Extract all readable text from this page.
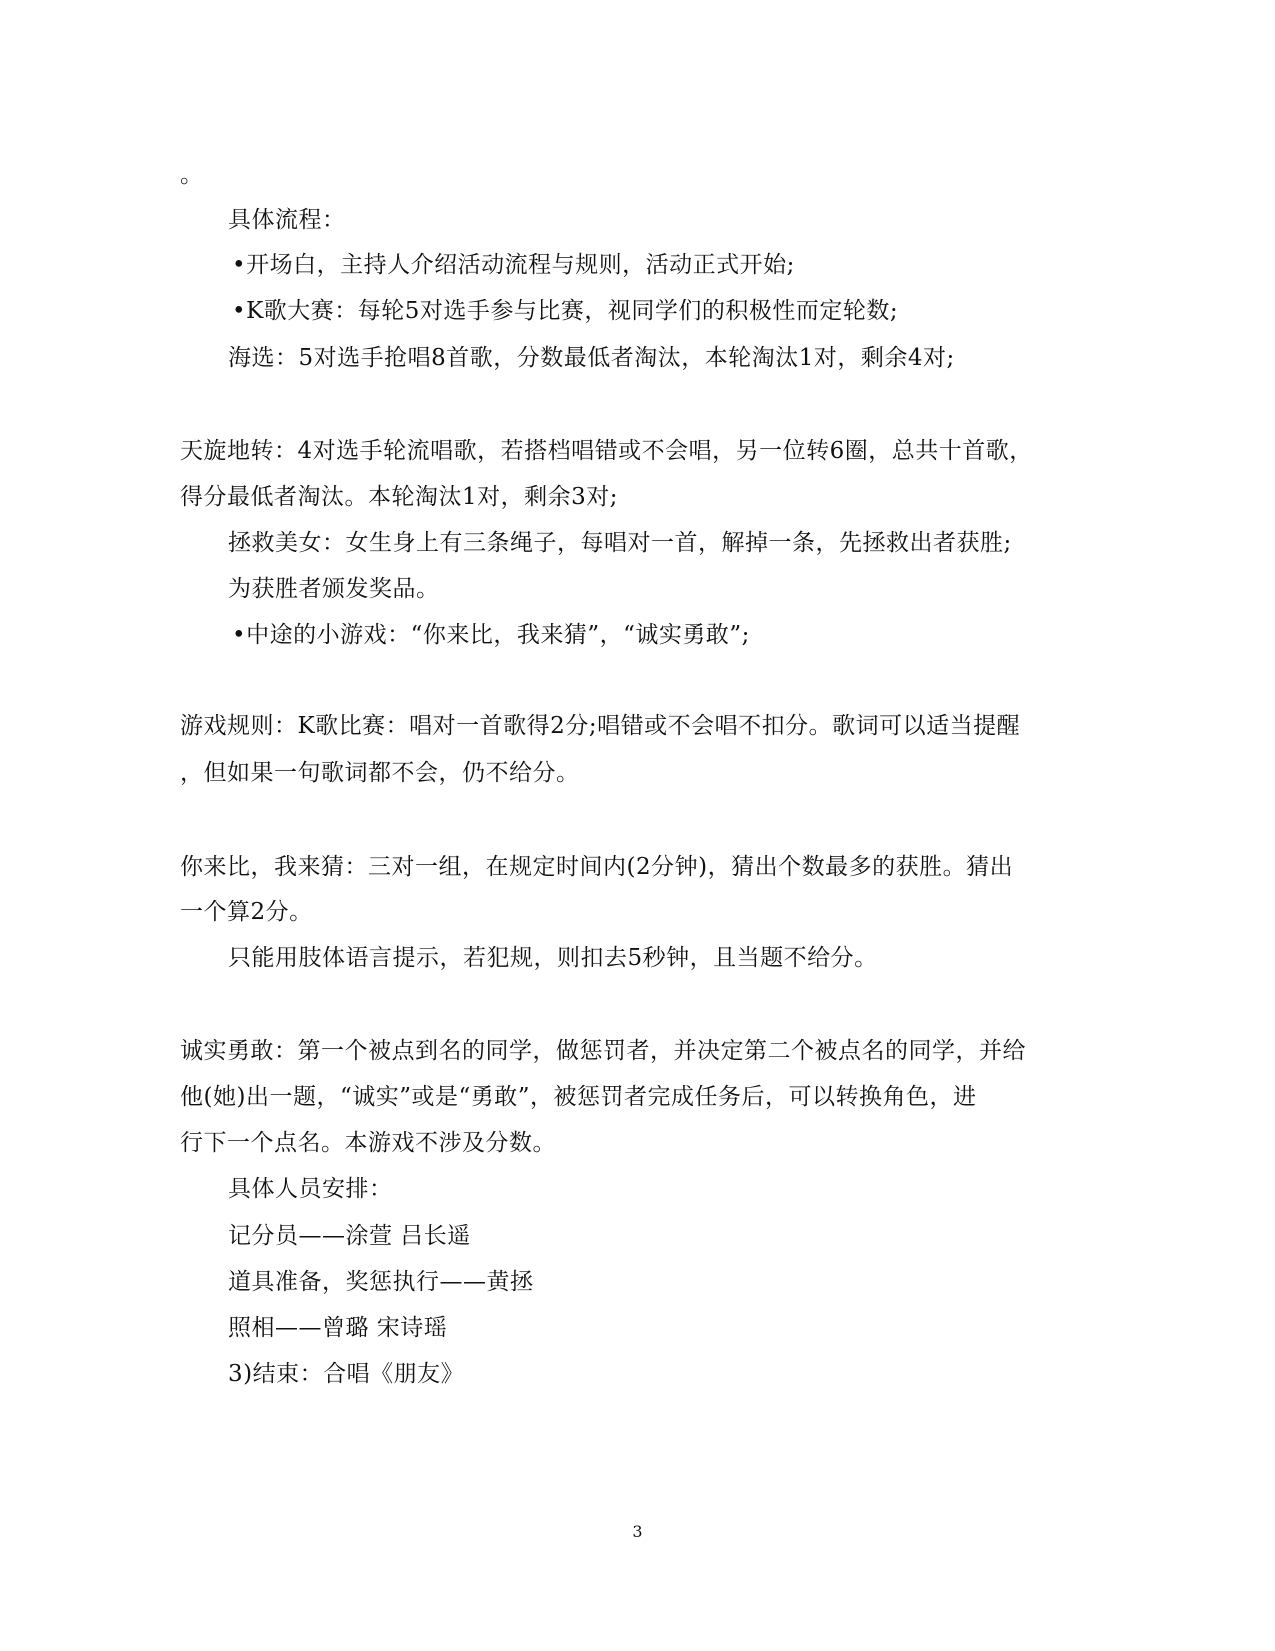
。
具体流程：
•开场白，主持人介绍活动流程与规则，活动正式开始;
•K歌大赛：每轮5对选手参与比赛，视同学们的积极性而定轮数;
海选：5对选手抢唱8首歌，分数最低者淘汰，本轮淘汰1对，剩余4对;
天旋地转：4对选手轮流唱歌，若搭档唱错或不会唱，另一位转6圈，总共十首歌，
得分最低者淘汰。本轮淘汰1对，剩余3对;
拯救美女：女生身上有三条绳子，每唱对一首，解掉一条，先拯救出者获胜;
为获胜者颁发奖品。
•中途的小游戏：“你来比，我来猜”，“诚实勇敢”;
游戏规则：K歌比赛：唱对一首歌得2分;唱错或不会唱不扣分。歌词可以适当提醒
，但如果一句歌词都不会，仍不给分。
你来比，我来猜：三对一组，在规定时间内(2分钟)，猜出个数最多的获胜。猜出
一个算2分。
只能用肢体语言提示，若犯规，则扣去5秒钟，且当题不给分。
诚实勇敢：第一个被点到名的同学，做惩罚者，并决定第二个被点名的同学，并给
他(她)出一题，“诚实”或是“勇敢”，被惩罚者完成任务后，可以转换角色，进
行下一个点名。本游戏不涉及分数。
具体人员安排：
记分员——涂萱 吕长遥
道具准备，奖惩执行——黄拯
照相——曾璐 宋诗瑶
3)结束：合唱《朋友》
3
